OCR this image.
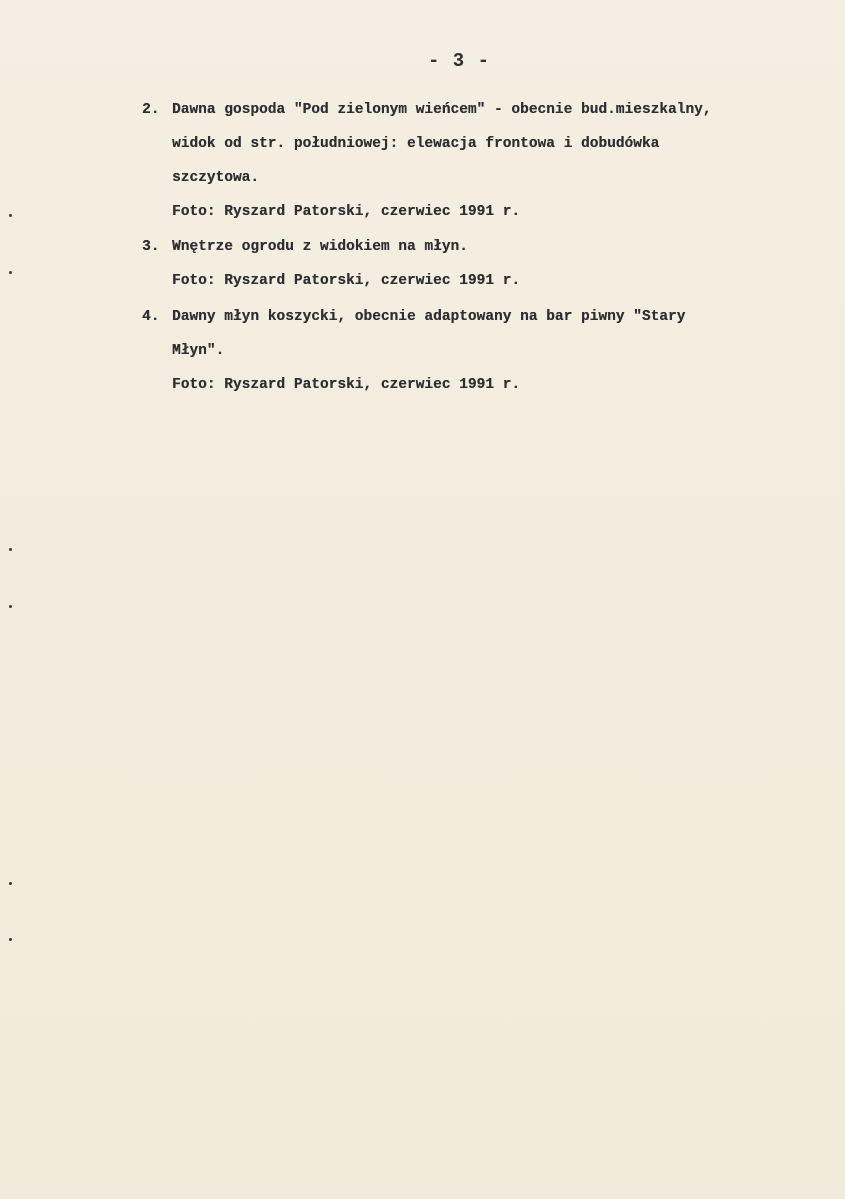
- 3 -
2. Dawna gospoda "Pod zielonym wieńcem" - obecnie bud.mieszkalny,
widok od str. południowej: elewacja frontowa i dobudówka
szczytowa.
Foto: Ryszard Patorski, czerwiec 1991 r.
3. Wnętrze ogrodu z widokiem na młyn.
Foto: Ryszard Patorski, czerwiec 1991 r.
4. Dawny młyn koszycki, obecnie adaptowany na bar piwny "Stary
Młyn".
Foto: Ryszard Patorski, czerwiec 1991 r.
